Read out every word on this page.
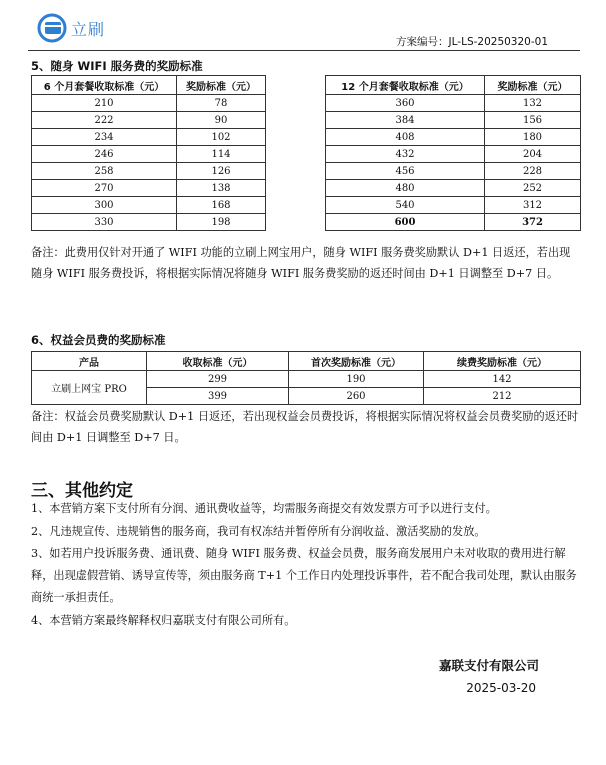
立刷
方案编号：JL-LS-20250320-01
5、随身 WIFI 服务费的奖励标准
6 个月套餐收取标准（元）	奖励标准（元）
210	78
222	90
234	102
246	114
258	126
270	138
300	168
330	198
12 个月套餐收取标准（元）	奖励标准（元）
360	132
384	156
408	180
432	204
456	228
480	252
540	312
600	372
备注：此费用仅针对开通了 WIFI 功能的立刷上网宝用户，随身 WIFI 服务费奖励默认 D+1 日返还，若出现随身 WIFI 服务费投诉，将根据实际情况将随身 WIFI 服务费奖励的返还时间由 D+1 日调整至 D+7 日。
6、权益会员费的奖励标准
产品	收取标准（元）	首次奖励标准（元）	续费奖励标准（元）
立刷上网宝 PRO	299	190	142
	399	260	212
备注：权益会员费奖励默认 D+1 日返还，若出现权益会员费投诉，将根据实际情况将权益会员费奖励的返还时间由 D+1 日调整至 D+7 日。
三、其他约定
1、本营销方案下支付所有分润、通讯费收益等，均需服务商提交有效发票方可予以进行支付。
2、凡违规宣传、违规销售的服务商，我司有权冻结并暂停所有分润收益、激活奖励的发放。
3、如若用户投诉服务费、通讯费、随身 WIFI 服务费、权益会员费，服务商发展用户未对收取的费用进行解释，出现虚假营销、诱导宣传等，须由服务商 T+1 个工作日内处理投诉事件，若不配合我司处理，默认由服务商统一承担责任。
4、本营销方案最终解释权归嘉联支付有限公司所有。
嘉联支付有限公司
2025-03-20
